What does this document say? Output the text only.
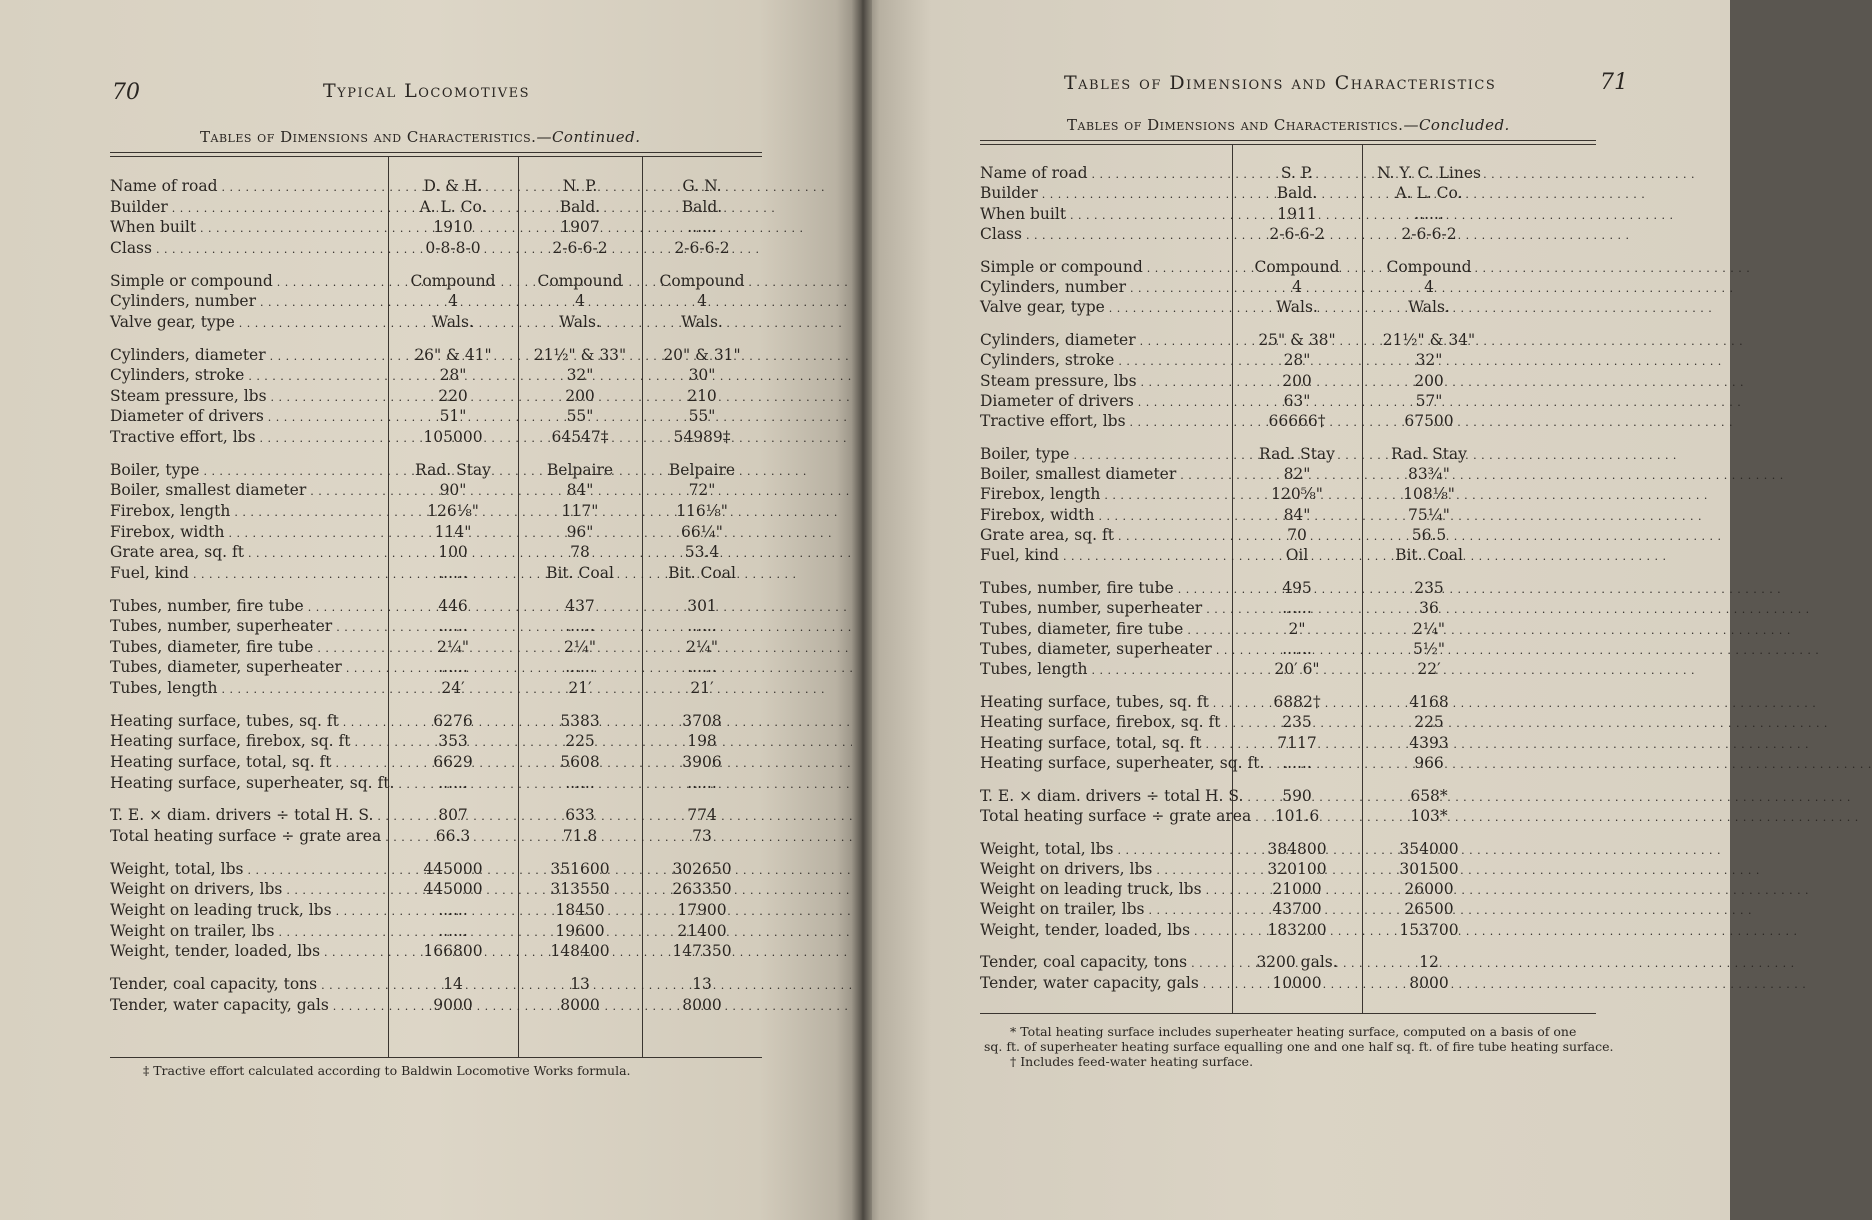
70	Typical Locomotives
Tables of Dimensions and Characteristics.—Continued.
Name of road . . .	D. & H.	N. P.	G. N.
Builder . . .	A. L. Co.	Bald.	Bald.
When built . . .	1910	1907	......
Class . . .	0-8-8-0	2-6-6-2	2-6-6-2
Simple or compound . . .	Compound	Compound	Compound
Cylinders, number . . .	4	4	4
Valve gear, type . . .	Wals.	Wals.	Wals.
Cylinders, diameter . . .	26" & 41"	21½" & 33"	20" & 31"
Cylinders, stroke . . .	28"	32"	30"
Steam pressure, lbs . . .	220	200	210
Diameter of drivers . . .	51"	55"	55"
Tractive effort, lbs . . .	105000	64547‡	54989‡
Boiler, type . . .	Rad. Stay	Belpaire	Belpaire
Boiler, smallest diameter . . .	90"	84"	72"
Firebox, length . . .	126⅛"	117"	116⅛"
Firebox, width . . .	114"	96"	66¼"
Grate area, sq. ft . . .	100	78	53.4
Fuel, kind . . .	......	Bit. Coal	Bit. Coal
Tubes, number, fire tube . . .	446	437	301
Tubes, number, superheater . . .	......	......	......
Tubes, diameter, fire tube . . .	2¼"	2¼"	2¼"
Tubes, diameter, superheater . . .	......	......	......
Tubes, length . . .	24′	21′	21′
Heating surface, tubes, sq. ft . . .	6276	5383	3708
Heating surface, firebox, sq. ft . . .	353	225	198
Heating surface, total, sq. ft . . .	6629	5608	3906
Heating surface, superheater, sq. ft. . . .	......	......	......
T. E. × diam. drivers ÷ total H. S. . . .	807	633	774
Total heating surface ÷ grate area . . .	66.3	71.8	73
Weight, total, lbs . . .	445000	351600	302650
Weight on drivers, lbs . . .	445000	313550	263350
Weight on leading truck, lbs . . .	......	18450	17900
Weight on trailer, lbs . . .	......	19600	21400
Weight, tender, loaded, lbs . . .	166800	148400	147350
Tender, coal capacity, tons . . .	14	13	13
Tender, water capacity, gals . . .	9000	8000	8000
‡ Tractive effort calculated according to Baldwin Locomotive Works formula.
Tables of Dimensions and Characteristics	71
Tables of Dimensions and Characteristics.—Concluded.
Name of road . . .	S. P.	N. Y. C. Lines
Builder . . .	Bald.	A. L. Co.
When built . . .	1911	......
Class . . .	2-6-6-2	2-6-6-2
Simple or compound . . .	Compound	Compound
Cylinders, number . . .	4	4
Valve gear, type . . .	Wals.	Wals.
Cylinders, diameter . . .	25" & 38"	21½" & 34"
Cylinders, stroke . . .	28"	32"
Steam pressure, lbs . . .	200	200
Diameter of drivers . . .	63"	57"
Tractive effort, lbs . . .	66666†	67500
Boiler, type . . .	Rad. Stay	Rad. Stay
Boiler, smallest diameter . . .	82"	83¾"
Firebox, length . . .	120⅝"	108⅛"
Firebox, width . . .	84"	75¼"
Grate area, sq. ft . . .	70	56.5
Fuel, kind . . .	Oil	Bit. Coal
Tubes, number, fire tube . . .	495	235
Tubes, number, superheater . . .	......	36
Tubes, diameter, fire tube . . .	2"	2¼"
Tubes, diameter, superheater . . .	......	5½"
Tubes, length . . .	20′ 6"	22′
Heating surface, tubes, sq. ft . . .	6882†	4168
Heating surface, firebox, sq. ft . . .	235	225
Heating surface, total, sq. ft . . .	7117	4393
Heating surface, superheater, sq. ft. . . .	......	966
T. E. × diam. drivers ÷ total H. S. . . .	590	658*
Total heating surface ÷ grate area . . .	101.6	103*
Weight, total, lbs . . .	384800	354000
Weight on drivers, lbs . . .	320100	301500
Weight on leading truck, lbs . . .	21000	26000
Weight on trailer, lbs . . .	43700	26500
Weight, tender, loaded, lbs . . .	183200	153700
Tender, coal capacity, tons . . .	3200 gals.	12
Tender, water capacity, gals . . .	10000	8000
* Total heating surface includes superheater heating surface, computed on a basis of one
sq. ft. of superheater heating surface equalling one and one half sq. ft. of fire tube heating surface.
† Includes feed-water heating surface.
